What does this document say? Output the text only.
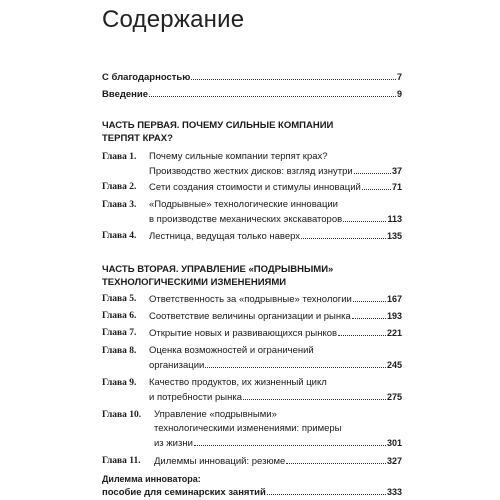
Содержание
С благодарностью	7
Введение	9
ЧАСТЬ ПЕРВАЯ. ПОЧЕМУ СИЛЬНЫЕ КОМПАНИИ
ТЕРПЯТ КРАХ?
Глава 1. Почему сильные компании терпят крах?
Производство жестких дисков: взгляд изнутри	37
Глава 2. Сети создания стоимости и стимулы инноваций	71
Глава 3. «Подрывные» технологические инновации
в производстве механических экскаваторов	113
Глава 4. Лестница, ведущая только наверх	135
ЧАСТЬ ВТОРАЯ. УПРАВЛЕНИЕ «ПОДРЫВНЫМИ»
ТЕХНОЛОГИЧЕСКИМИ ИЗМЕНЕНИЯМИ
Глава 5. Ответственность за «подрывные» технологии	167
Глава 6. Соответствие величины организации и рынка	193
Глава 7. Открытие новых и развивающихся рынков	221
Глава 8. Оценка возможностей и ограничений
организации	245
Глава 9. Качество продуктов, их жизненный цикл
и потребности рынка	275
Глава 10. Управление «подрывными»
технологическими изменениями: примеры
из жизни	301
Глава 11. Дилеммы инноваций: резюме	327
Дилемма инноватора:
пособие для семинарских занятий	333
